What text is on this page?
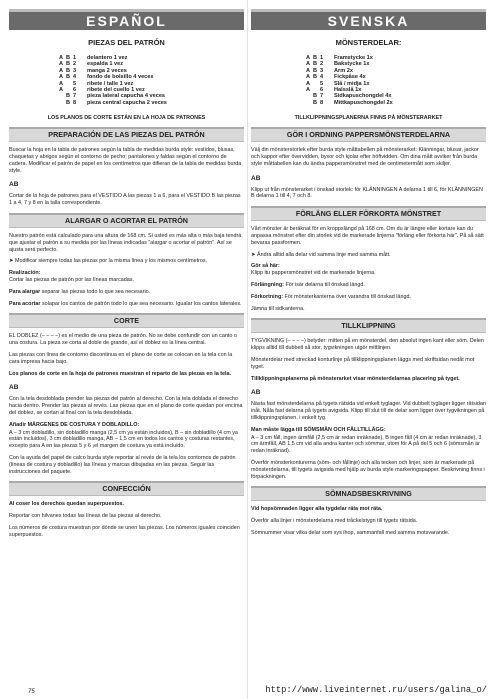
ESPAÑOL
PIEZAS DEL PATRÓN
A B 1	delantero 1 vez
A B 2	espalda 1 vez
A B 3	manga 2 veces
A B 4	fondo de bolsillo 4 veces
A	5	ribete / talle 1 vez
A	6	ribete del cuello 1 vez
B 7	pieza lateral capucha 4 veces
B 8	pieza central capucha 2 veces
LOS PLANOS DE CORTE ESTÁN EN LA HOJA DE PATRONES
PREPARACIÓN DE LAS PIEZAS DEL PATRÓN
Buscar la hoja en la tabla de patrones según la tabla de medidas burda style: vestidos, blusas, chaquetas y abrigos según el contorno de pecho; pantalones y faldas según el contorno de cadera. Modificar el patrón de papel en los centímetros que difieran de la tabla de medidas burda style.
AB
Cortar de la hoja de patrones para el VESTIDO A las piezas 1 a 6, para el VESTIDO B las piezas 1 a 4, 7 y 8 en la talla correspondiente.
ALARGAR O ACORTAR EL PATRÓN
Nuestro patrón está calculado para una altura de 168 cm. Si usted es más alta o más baja tendrá que ajustar el patrón a su medida por las líneas indicadas "alargar o acortar el patrón". Así se ajusta será perfecto.
➤ Modificar siempre todas las piezas por la misma línea y los mismos centímetros.
Realización:
Cortar las piezas de patrón por las líneas marcadas.
Para alargar separar las piezas todo lo que sea necesario.
Para acortar solapar los cantos de patrón todo lo que sea necesario. Igualar los cantos laterales.
CORTE
EL DOBLEZ (– – – –) es el medio de una pieza de patrón. No se debe confundir con un canto o una costura. La pieza se corta al doble de grande, así el doblez es la línea central.
Las piezas con línea de contorno discontinua en el plano de corte se colocan en la tela con la cara impresa hacia bajo.
Los planos de corte en la hoja de patrones muestran el reparto de las piezas en la tela.
AB
Con la tela desdoblada prender las piezas del patrón al derecho. Con la tela doblada el derecho hacia dentro. Prender las piezas al revés. Las piezas que en el plano de corte quedan por encima del doblez, se cortan al final con la tela desdoblada.
Añadir MÁRGENES DE COSTURA Y DOBLADILLO:
A – 3 cm dobladillo, sin dobladillo manga (2,5 cm ya están incluidos), B – sin dobladillo (4 cm ya están incluidos), 3 cm dobladillo manga, AB – 1,5 cm en todos los cantos y costuras restantes, excepto para A en las piezas 5 y 6 ¡el margen de costura ya está incluido.
Con la ayuda del papel de calco burda style reportar al revés de la tela los contornos de patrón (líneas de costura y dobladillo) las líneas y marcas dibujadas en las piezas. Seguir las instrucciones del paquete.
CONFECCIÓN
Al coser los derechos quedan superpuestos.
Reportar con hilvanes todas las líneas de las piezas al derecho.
Los números de costura muestran por dónde se unen las piezas. Los números iguales coinciden superpuestos.
SVENSKA
MÖNSTERDELAR:
A B 1	Framstycke 1x
A B 2	Bakstycke 1x
A B 3	Arm 2x
A B 4	Fickpåse 4x
A	5	Slå / midja 1x
A	6	Halsslå 1x
B 7	Sidkapuschongdel 4x
B 8	Mittkapuschongdel 2x
TILLKLIPPNINGSPLANERNA FINNS PÅ MÖNSTERARKET
GÖR I ORDNING PAPPERSMÖNSTERDELARNA
Välj din mönsterstorlek efter burda style måttabellen på mönsterarket: Klänningar, blusar, jackor och kappor efter övervidden, byxor och kjolar efter höftvidden. Om dina mått avviker från burda style måttabellen kan du ändra pappersmönstret med de centimetermått som skiljer.
AB
Klipp ut från mönsterarket i önskad storlek: för KLÄNNINGEN A delarna 1 till 6, för KLÄNNINGEN B delarna 1 till 4, 7 och 8.
FÖRLÄNG ELLER FÖRKORTA MÖNSTRET
Vårt mönster är beräknat för en kroppslängd på 168 cm. Om du är längre eller kortare kan du anpassa mönstret efter din storlek vid de markerade linjerna "förläng eller förkorta här". På så sätt bevaras passformen.
➤ Ändra alltid alla delar vid samma linje med samma mått.
Gör så här:
Klipp itu pappersmönstret vid de markerade linjerna.
Förlängning: För isär delarna till önskad längd.
Förkortning: För mönsterkanterna över varandra till önskad längd.
Jämna till sidkanterna.
TILLKLIPPNING
TYGVIKNING (– – – –) betyder: mitten på en mönsterdel, den absolut ingen kant eller söm. Delen klipps alltid till dubbelt så stor, tygvikningen utgör mittlinjen.
Mönsterdelar med streckad konturlinje på tillklippningsplanen läggs med skriftsidan nedåt mot tyget.
Tillklippningsplanerna på mönsterarket visar mönsterdelarnas placering på tyget.
AB
Nästa fast mönsterdelarna på tygets rätsida vid enkelt tyglager. Vid dubbelt tyglager ligger rätsidan inåt. Nåla fast delarna på tygets avigsida. Klipp till slut till de delar som ligger över tygvikningen på tillklippningsplanen, i enkelt tyg.
Man måste lägga till SÖMSMÅN OCH FÅLLTILLÄGG:
A – 3 cm fåll, ingen ärmfåll (2,5 cm är redan inräknade), B ingen fåll (4 cm är redan inräknade), 3 cm ärmfåll, AB 1,5 cm vid alla andra kanter och sömmar, utom för A på del 5 och 6 (sömsmån är redan inräknad).
Överför mönsterkonturerna (söm- och fållinje) och alla tecken och linjer, som är markerade på mönsterdelarna, till tygets avigsida med hjälp av burda style markeringspapper. Beskrivning finns i förpackningen.
SÖMNADSBESKRIVNING
Vid hopsömnaden ligger alla tygdelar räta mot räta.
Överför alla linjer i mönsterdelarna med tråckelstygn till tygets rätsida.
Sömnummer visar vilka delar som sys ihop, sammanfall med samma motsvarande.
75	http://www.liveinternet.ru/users/galina_o/
